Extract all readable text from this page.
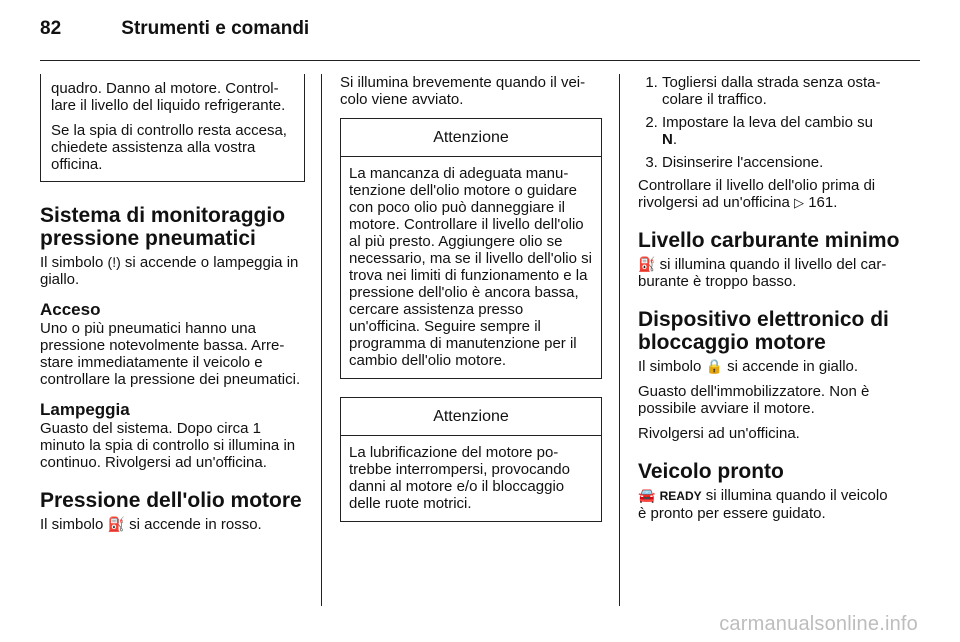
82	Strumenti e comandi

quadro. Danno al motore. Controllare il livello del liquido refrigerante.

Se la spia di controllo resta accesa, chiedete assistenza alla vostra officina.

Sistema di monitoraggio pressione pneumatici

Il simbolo (!) si accende o lampeggia in giallo.

Acceso

Uno o più pneumatici hanno una pressione notevolmente bassa. Arrestare immediatamente il veicolo e controllare la pressione dei pneumatici.

Lampeggia

Guasto del sistema. Dopo circa 1 minuto la spia di controllo si illumina in continuo. Rivolgersi ad un'officina.

Pressione dell'olio motore

Il simbolo ⛽ si accende in rosso.

Si illumina brevemente quando il veicolo viene avviato.

Attenzione
La mancanza di adeguata manutenzione dell'olio motore o guidare con poco olio può danneggiare il motore. Controllare il livello dell'olio al più presto. Aggiungere olio se necessario, ma se il livello dell'olio si trova nei limiti di funzionamento e la pressione dell'olio è ancora bassa, cercare assistenza presso un'officina. Seguire sempre il programma di manutenzione per il cambio dell'olio motore.
Attenzione
La lubrificazione del motore potrebbe interrompersi, provocando danni al motore e/o il bloccaggio delle ruote motrici.
1. Togliersi dalla strada senza ostacolare il traffico.
2. Impostare la leva del cambio su
N.
3. Disinserire l'accensione.

Controllare il livello dell'olio prima di rivolgersi ad un'officina ▷ 161.

Livello carburante minimo

⛽ si illumina quando il livello del carburante è troppo basso.

Dispositivo elettronico di bloccaggio motore

Il simbolo 🔒 si accende in giallo.

Guasto dell'immobilizzatore. Non è possibile avviare il motore.

Rivolgersi ad un'officina.

Veicolo pronto

🚘 READY si illumina quando il veicolo è pronto per essere guidato.

carmanualsonline.info
